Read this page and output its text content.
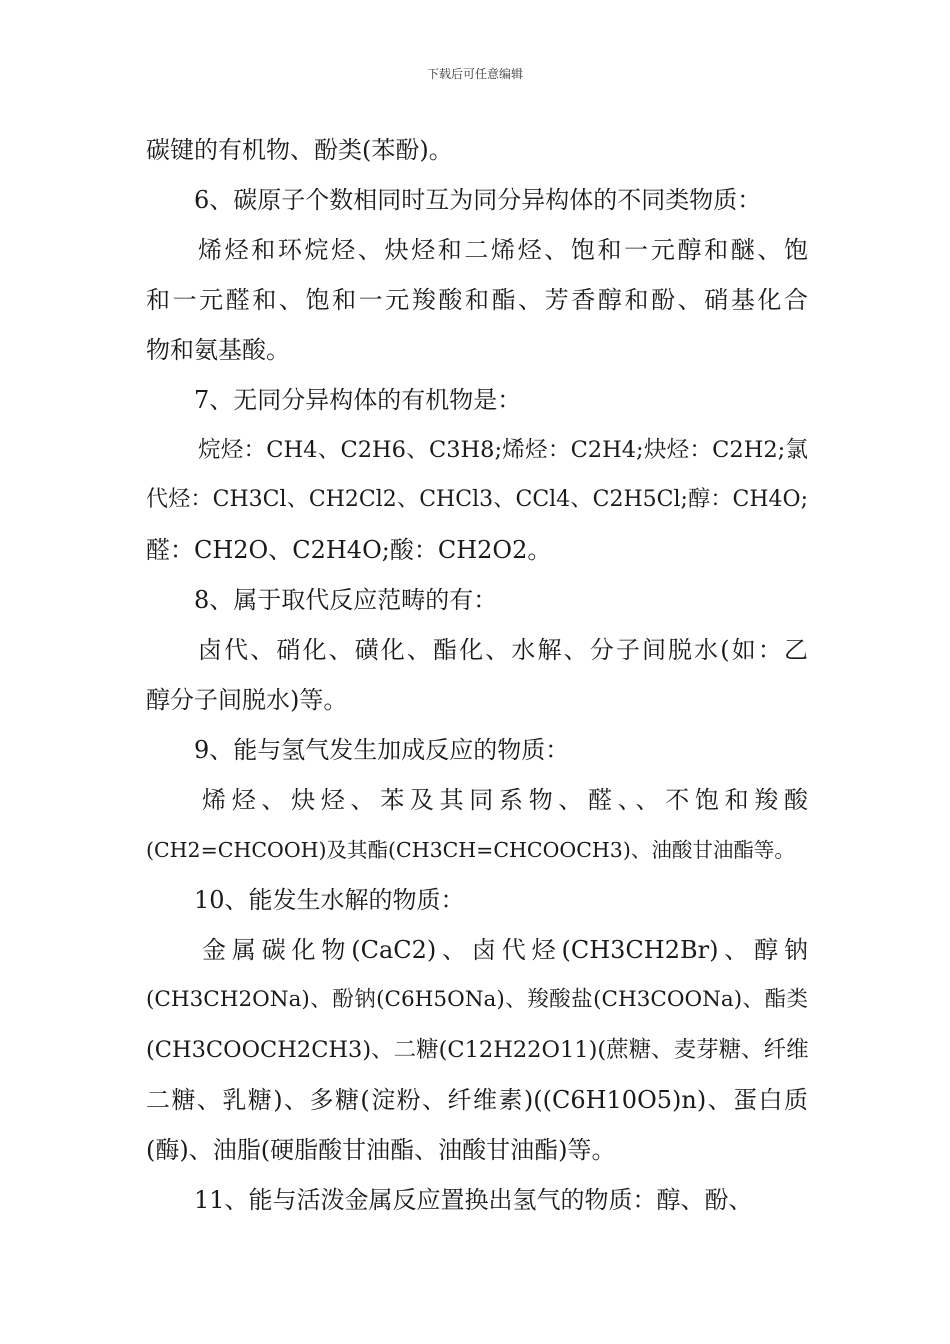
下载后可任意编辑
碳键的有机物、酚类(苯酚)。
6、碳原子个数相同时互为同分异构体的不同类物质：
烯烃和环烷烃、炔烃和二烯烃、饱和一元醇和醚、饱
和一元醛和、饱和一元羧酸和酯、芳香醇和酚、硝基化合
物和氨基酸。
7、无同分异构体的有机物是：
烷烃：CH4、C2H6、C3H8;烯烃：C2H4;炔烃：C2H2;氯
代烃：CH3Cl、CH2Cl2、CHCl3、CCl4、C2H5Cl;醇：CH4O;
醛：CH2O、C2H4O;酸：CH2O2。
8、属于取代反应范畴的有：
卤代、硝化、磺化、酯化、水解、分子间脱水(如：乙
醇分子间脱水)等。
9、能与氢气发生加成反应的物质：
烯烃、炔烃、苯及其同系物、醛、、不饱和羧酸
(CH2=CHCOOH)及其酯(CH3CH=CHCOOCH3)、油酸甘油酯等。
10、能发生水解的物质：
金属碳化物(CaC2)、卤代烃(CH3CH2Br)、醇钠
(CH3CH2ONa)、酚钠(C6H5ONa)、羧酸盐(CH3COONa)、酯类
(CH3COOCH2CH3)、二糖(C12H22O11)(蔗糖、麦芽糖、纤维
二糖、乳糖)、多糖(淀粉、纤维素)((C6H10O5)n)、蛋白质
(酶)、油脂(硬脂酸甘油酯、油酸甘油酯)等。
11、能与活泼金属反应置换出氢气的物质：醇、酚、
